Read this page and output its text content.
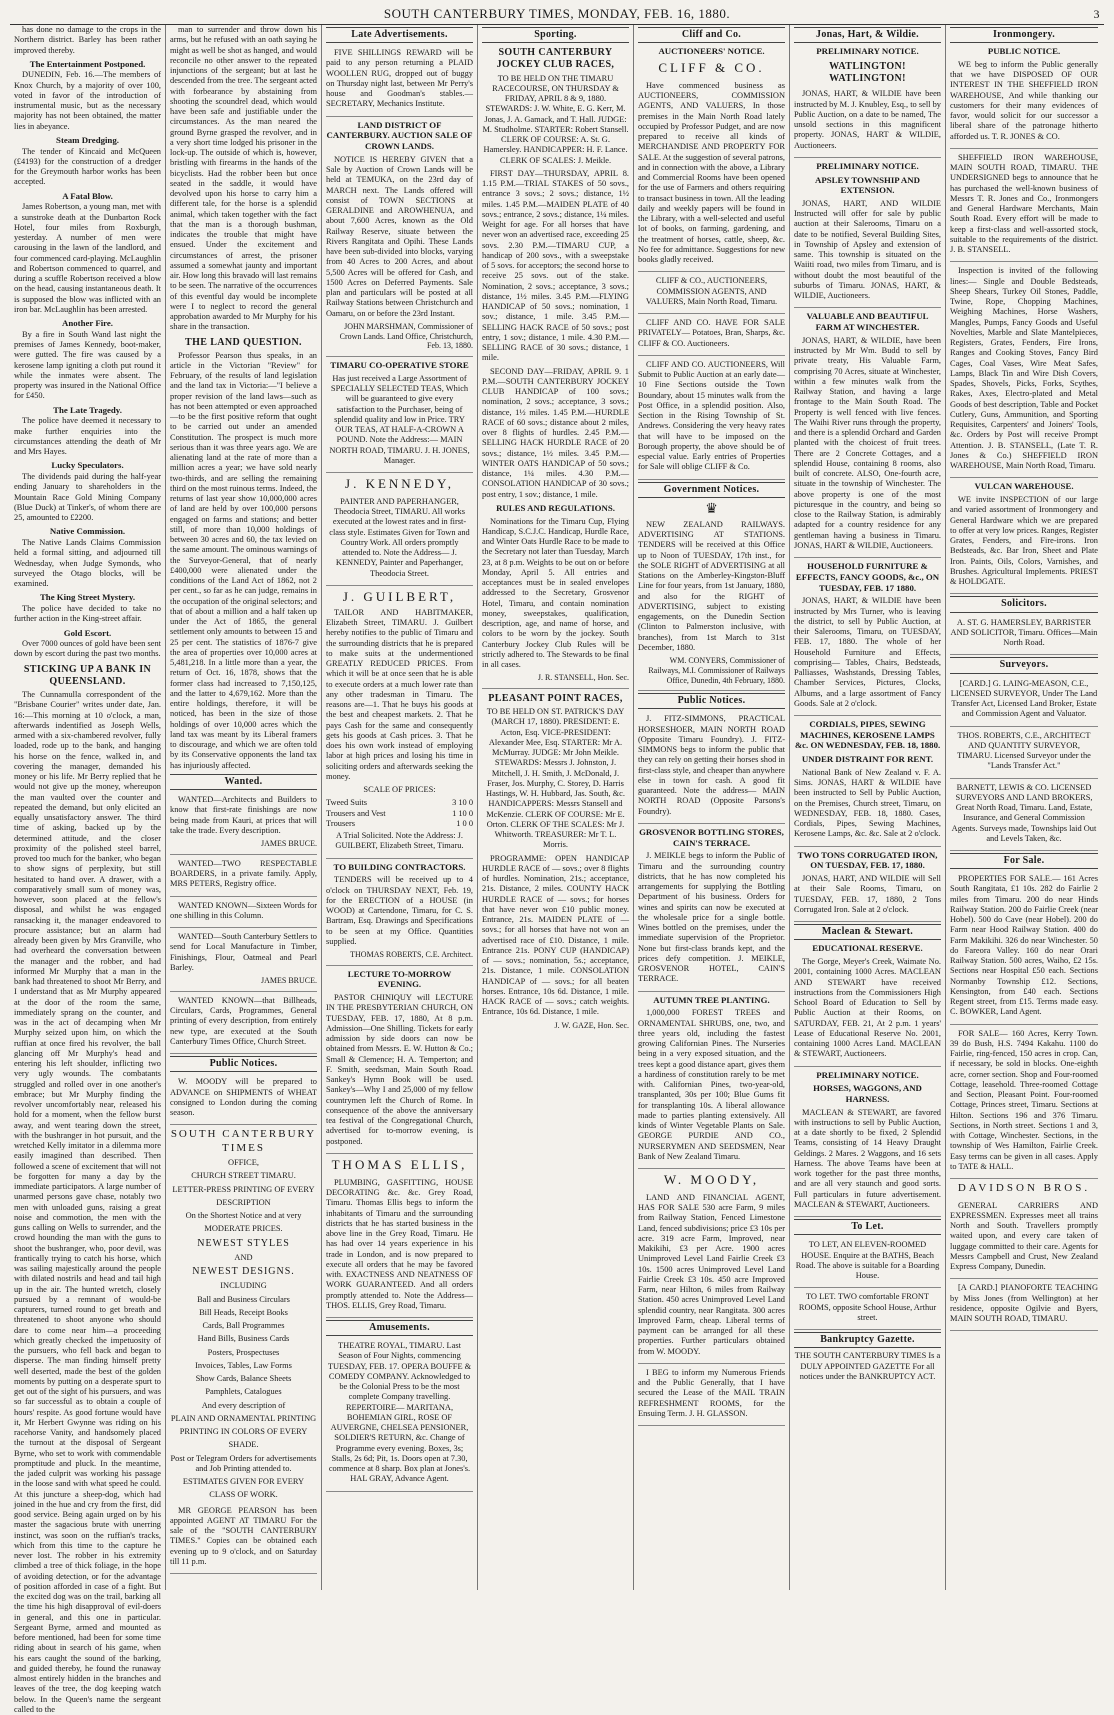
SOUTH CANTERBURY TIMES, MONDAY, FEB. 16, 1880.	3

has done no damage to the crops in the Northern district. Barley has been rather improved thereby.

The Entertainment Postponed.

DUNEDIN, Feb. 16.—The members of Knox Church, by a majority of over 100, voted in favor of the introduction of instrumental music, but as the necessary majority has not been obtained, the matter lies in abeyance.

Steam Dredging.

The tender of Kincaid and McQueen (£4193) for the construction of a dredger for the Greymouth harbor works has been accepted.

A Fatal Blow.

James Robertson, a young man, met with a sunstroke death at the Dunbarton Rock Hotel, four miles from Roxburgh, yesterday. A number of men were carousing in the lawn of the landlord, and four commenced card-playing. McLaughlin and Robertson commenced to quarrel, and during a scuffle Robertson received a blow on the head, causing instantaneous death. It is supposed the blow was inflicted with an iron bar. McLaughlin has been arrested.

Another Fire.

By a fire in South Wand last night the premises of James Kennedy, boot-maker, were gutted. The fire was caused by a kerosene lamp igniting a cloth put round it while the inmates were absent. The property was insured in the National Office for £450.

The Late Tragedy.

The police have deemed it necessary to make further enquiries into the circumstances attending the death of Mr and Mrs Hayes.

Lucky Speculators.

The dividends paid during the half-year ending January to shareholders in the Mountain Race Gold Mining Company (Blue Duck) at Tinker's, of whom there are 25, amounted to £2200.

Native Commission.

The Native Lands Claims Commission held a formal sitting, and adjourned till Wednesday, when Judge Symonds, who surveyed the Otago blocks, will be examined.

The King Street Mystery.

The police have decided to take no further action in the King-street affair.

Gold Escort.

Over 7000 ounces of gold have been sent down by escort during the past two months.

STICKING UP A BANK IN QUEENSLAND.

The Cunnamulla correspondent of the "Brisbane Courier" writes under date, Jan. 16:—This morning at 10 o'clock, a man, afterwards indentified as Joseph Wells, armed with a six-chambered revolver, fully loaded, rode up to the bank, and hanging his horse on the fence, walked in, and covering the manager, demanded his money or his life. Mr Berry replied that he would not give up the money, whereupon the man vaulted over the counter and repeated the demand, but only elicited an equally unsatisfactory answer. The third time of asking, backed up by the determined attitude, and the closer proximity of the polished steel barrel, proved too much for the banker, who began to show signs of perplexity, but still hesitated to hand over. A drawer, with a comparatively small sum of money was, however, soon placed at the fellow's disposal, and whilst he was engaged ransacking it, the manager endeavored to procure assistance; but an alarm had already been given by Mrs Granville, who had overheard the conversation between the manager and the robber, and had informed Mr Murphy that a man in the bank had threatened to shoot Mr Berry, and I understand that as Mr Murphy appeared at the door of the room the same, immediately sprang on the counter, and was in the act of decamping when Mr Murphy seized upon him, on which the ruffian at once fired his revolver, the ball glancing off Mr Murphy's head and entering his left shoulder, inflicting two very ugly wounds. The combatants struggled and rolled over in one another's embrace; but Mr Murphy finding the revolver uncomfortably near, released his hold for a moment, when the fellow burst away, and went tearing down the street, with the bushranger in hot pursuit, and the wretched Kelly imitator in a dilemma more easily imagined than described. Then followed a scene of excitement that will not be forgotten for many a day by the immediate participators. A large number of unarmed persons gave chase, notably two men with unloaded guns, raising a great noise and commotion, the men with the guns calling on Wells to surrender, and the crowd hounding the man with the guns to shoot the bushranger, who, poor devil, was frantically trying to catch his horse, which was sailing majestically around the people with dilated nostrils and head and tail high up in the air. The hunted wretch, closely pursued by a remnant of would-be capturers, turned round to get breath and threatened to shoot anyone who should dare to come near him—a proceeding which greatly checked the impetuosity of the pursuers, who fell back and began to disperse. The man finding himself pretty well deserted, made the best of the golden moments by putting on a desperate spurt to get out of the sight of his pursuers, and was so far successful as to obtain a couple of hours' respite. As good fortune would have it, Mr Herbert Gwynne was riding on his racehorse Vanity, and handsomely placed the turnout at the disposal of Sergeant Byrne, who set to work with commendable promptitude and pluck. In the meantime, the jaded culprit was working his passage in the loose sand with what speed he could. At this juncture a sheep-dog, which had joined in the hue and cry from the first, did good service. Being again urged on by his master the sagacious brute with unerring instinct, was soon on the ruffian's tracks, which from this time to the capture he never lost. The robber in his extremity climbed a tree of thick foliage, in the hope of avoiding detection, or for the advantage of position afforded in case of a fight. But the excited dog was on the trail, barking all the time his high disapproval of evil-doers in general, and this one in particular. Sergeant Byrne, armed and mounted as before mentioned, had been for some time riding about in search of his game, when his ears caught the sound of the barking, and guided thereby, he found the runaway almost entirely hidden in the branches and leaves of the tree, the dog keeping watch below. In the Queen's name the sergeant called to the

man to surrender and throw down his arms, but he refused with an oath saying he might as well be shot as hanged, and would reconcile no other answer to the repeated injunctions of the sergeant; but at last he descended from the tree. The sergeant acted with forbearance by abstaining from shooting the scoundrel dead, which would have been safe and justifiable under the circumstances. As the man neared the ground Byrne grasped the revolver, and in a very short time lodged his prisoner in the lock-up. The outside of which is, however, bristling with firearms in the hands of the bicyclists. Had the robber been but once seated in the saddle, it would have devolved upon his horse to carry him a different tale, for the horse is a splendid animal, which taken together with the fact that the man is a thorough bushman, indicates the trouble that might have ensued. Under the excitement and circumstances of arrest, the prisoner assumed a somewhat jaunty and important air. How long this bravado will last remains to be seen. The narrative of the occurrences of this eventful day would be incomplete were I to neglect to record the general approbation awarded to Mr Murphy for his share in the transaction.

THE LAND QUESTION.

Professor Pearson thus speaks, in an article in the Victorian "Review" for February, of the results of land legislation and the land tax in Victoria:—"I believe a proper revision of the land laws—such as has not been attempted or even approached—to be the first positive reform that ought to be carried out under an amended Constitution. The prospect is much more serious than it was three years ago. We are alienating land at the rate of more than a million acres a year; we have sold nearly two-thirds, and are selling the remaining third on the most ruinous terms. Indeed, the returns of last year show 10,000,000 acres of land are held by over 100,000 persons engaged on farms and stations; and better still, of more than 10,000 holdings of between 30 acres and 60, the tax levied on the same amount. The ominous warnings of the Surveyor-General, that of nearly £400,000 were alienated under the conditions of the Land Act of 1862, not 2 per cent., so far as he can judge, remains in the occupation of the original selectors; and that of about a million and a half taken up under the Act of 1865, the general settlement only amounts to between 15 and 25 per cent. The statistics of 1876-7 give the area of properties over 10,000 acres at 5,481,218. In a little more than a year, the return of Oct. 16, 1878, shows that the former class had increased to 7,150,125, and the latter to 4,679,162. More than the entire holdings, therefore, it will be noticed, has been in the size of those holdings of over 10,000 acres which the land tax was meant by its Liberal framers to discourage, and which we are often told by its Conservative opponents the land tax has injuriously affected.

Wanted.

WANTED—Architects and Builders to know that first-rate finishings are now being made from Kauri, at prices that will take the trade. Every description.

JAMES BRUCE.

WANTED—TWO RESPECTABLE BOARDERS, in a private family. Apply, MRS PETERS, Registry office.

WANTED KNOWN—Sixteen Words for one shilling in this Column.

WANTED—South Canterbury Settlers to send for Local Manufacture in Timber, Finishings, Flour, Oatmeal and Pearl Barley.

JAMES BRUCE.

WANTED KNOWN—that Billheads, Circulars, Cards, Programmes, General printing of every description, from entirely new type, are executed at the South Canterbury Times Office, Church Street.

Public Notices.

W. MOODY will be prepared to ADVANCE on SHIPMENTS of WHEAT consigned to London during the coming season.

SOUTH CANTERBURY TIMES

OFFICE,

CHURCH STREET TIMARU.

LETTER-PRESS PRINTING OF EVERY

DESCRIPTION

On the Shortest Notice and at very

MODERATE PRICES.

NEWEST STYLES

AND

NEWEST DESIGNS.

INCLUDING

Ball and Business Circulars

Bill Heads, Receipt Books

Cards, Ball Programmes

Hand Bills, Business Cards

Posters, Prospectuses

Invoices, Tables, Law Forms

Show Cards, Balance Sheets

Pamphlets, Catalogues

And every description of

PLAIN AND ORNAMENTAL PRINTING

PRINTING IN COLORS OF EVERY

SHADE.

Post or Telegram Orders for advertisements and Job Printing attended to.

ESTIMATES GIVEN FOR EVERY

CLASS OF WORK.

MR GEORGE PEARSON has been appointed AGENT AT TIMARU For the sale of the "SOUTH CANTERBURY TIMES." Copies can be obtained each evening up to 9 o'clock, and on Saturday till 11 p.m.

Late Advertisements.

FIVE SHILLINGS REWARD will be paid to any person returning a PLAID WOOLLEN RUG, dropped out of buggy on Thursday night last, between Mr Perry's house and Goodman's stables.—SECRETARY, Mechanics Institute.

LAND DISTRICT OF CANTERBURY. AUCTION SALE OF CROWN LANDS.

NOTICE IS HEREBY GIVEN that a Sale by Auction of Crown Lands will be held at TEMUKA, on the 23rd day of MARCH next. The Lands offered will consist of TOWN SECTIONS at GERALDINE and AROWHENUA, and about 7,600 Acres, known as the Old Railway Reserve, situate between the Rivers Rangitata and Opihi. These Lands have been sub-divided into blocks, varying from 40 Acres to 200 Acres, and about 5,500 Acres will be offered for Cash, and 1500 Acres on Deferred Payments. Sale plan and particulars will be posted at all Railway Stations between Christchurch and Oamaru, on or before the 23rd Instant.

JOHN MARSHMAN, Commissioner of Crown Lands. Land Office, Christchurch, Feb. 13, 1880.
TIMARU CO-OPERATIVE STORE

Has just received a Large Assortment of SPECIALLY SELECTED TEAS, Which will be guaranteed to give every satisfaction to the Purchaser, being of splendid quality and low in Price. TRY OUR TEAS, AT HALF-A-CROWN A POUND. Note the Address:— MAIN NORTH ROAD, TIMARU. J. H. JONES, Manager.

J. KENNEDY,

PAINTER AND PAPERHANGER, Theodocia Street, TIMARU. All works executed at the lowest rates and in first-class style. Estimates Given for Town and Country Work. All orders promptly attended to. Note the Address— J. KENNEDY, Painter and Paperhanger, Theodocia Street.

J. GUILBERT,

TAILOR AND HABITMAKER, Elizabeth Street, TIMARU. J. Guilbert hereby notifies to the public of Timaru and the surrounding districts that he is prepared to make suits at the undermentioned GREATLY REDUCED PRICES. From which it will be at once seen that he is able to execute orders at a much lower rate than any other tradesman in Timaru. The reasons are—1. That he buys his goods at the best and cheapest markets. 2. That he pays Cash for the same and consequently gets his goods at Cash prices. 3. That he does his own work instead of employing labor at high prices and losing his time in soliciting orders and afterwards seeking the money.

SCALE OF PRICES:

Tweed Suits	3 10 0
Trousers and Vest	1 10 0
Trousers	1 0 0

A Trial Solicited. Note the Address: J. GUILBERT, Elizabeth Street, Timaru.

TO BUILDING CONTRACTORS.

TENDERS will be received up to 4 o'clock on THURSDAY NEXT, Feb. 19, for the ERECTION of a HOUSE (in WOOD) at Cartendone, Timaru, for C. S. Bartram, Esq. Drawings and Specifications to be seen at my Office. Quantities supplied.

THOMAS ROBERTS, C.E. Architect.
LECTURE TO-MORROW EVENING.

PASTOR CHINIQUY will LECTURE IN THE PRESBYTERIAN CHURCH, ON TUESDAY, FEB. 17, 1880, At 8 p.m. Admission—One Shilling. Tickets for early admission by side doors can now be obtained from Messrs. E. W. Hutton & Co.; Small & Clemence; H. A. Temperton; and F. Smith, seedsman, Main South Road. Sankey's Hymn Book will be used. Sankey's—Why I and 25,000 of my fellow countrymen left the Church of Rome. In consequence of the above the anniversary tea festival of the Congregational Church, advertised for to-morrow evening, is postponed.

THOMAS ELLIS,

PLUMBING, GASFITTING, HOUSE DECORATING &c. &c. Grey Road, Timaru. Thomas Ellis begs to inform the inhabitants of Timaru and the surrounding districts that he has started business in the above line in the Grey Road, Timaru. He has had over 14 years experience in his trade in London, and is now prepared to execute all orders that he may be favored with. EXACTNESS AND NEATNESS OF WORK GUARANTEED. And all orders promptly attended to. Note the Address— THOS. ELLIS, Grey Road, Timaru.

Amusements.

THEATRE ROYAL, TIMARU. Last Season of Four Nights, commencing TUESDAY, FEB. 17. OPERA BOUFFE & COMEDY COMPANY. Acknowledged to be the Colonial Press to be the most complete Company travelling. REPERTOIRE— MARITANA, BOHEMIAN GIRL, ROSE OF AUVERGNE, CHELSEA PENSIONER, SOLDIER'S RETURN, &c. Change of Programme every evening. Boxes, 3s; Stalls, 2s 6d; Pit, 1s. Doors open at 7.30, commence at 8 sharp. Box plan at Jones's. HAL GRAY, Advance Agent.

Sporting.
SOUTH CANTERBURY JOCKEY CLUB RACES,

TO BE HELD ON THE TIMARU RACECOURSE, ON THURSDAY & FRIDAY, APRIL 8 & 9, 1880. STEWARDS: J. W. White, E. G. Kerr, M. Jonas, J. A. Gamack, and T. Hall. JUDGE: M. Studholme. STARTER: Robert Stansell. CLERK OF COURSE: A. St. G. Hamersley. HANDICAPPER: H. F. Lance. CLERK OF SCALES: J. Meikle.

FIRST DAY—THURSDAY, APRIL 8. 1.15 P.M.—TRIAL STAKES of 50 sovs., entrance 3 sovs.; 2 sovs.; distance, 1½ miles. 1.45 P.M.—MAIDEN PLATE of 40 sovs.; entrance, 2 sovs.; distance, 1¼ miles. Weight for age. For all horses that have never won an advertised race, exceeding 25 sovs. 2.30 P.M.—TIMARU CUP, a handicap of 200 sovs., with a sweepstake of 5 sovs. for acceptors; the second horse to receive 25 sovs. out of the stake. Nomination, 2 sovs.; acceptance, 3 sovs.; distance, 1½ miles. 3.45 P.M.—FLYING HANDICAP of 50 sovs.; nomination, 1 sov.; distance, 1 mile. 3.45 P.M.—SELLING HACK RACE of 50 sovs.; post entry, 1 sov.; distance, 1 mile. 4.30 P.M.—SELLING RACE of 30 sovs.; distance, 1 mile.

SECOND DAY—FRIDAY, APRIL 9. 1 P.M.—SOUTH CANTERBURY JOCKEY CLUB HANDICAP of 100 sovs.; nomination, 2 sovs.; acceptance, 3 sovs.; distance, 1½ miles. 1.45 P.M.—HURDLE RACE of 60 sovs.; distance about 2 miles, over 8 flights of hurdles. 2.45 P.M.—SELLING HACK HURDLE RACE of 20 sovs.; distance, 1½ miles. 3.45 P.M.—WINTER OATS HANDICAP of 50 sovs.; distance, 1¼ miles. 4.30 P.M.—CONSOLATION HANDICAP of 30 sovs.; post entry, 1 sov.; distance, 1 mile.

RULES AND REGULATIONS.

Nominations for the Timaru Cup, Flying Handicap, S.C.J.C. Handicap, Hurdle Race, and Winter Oats Hurdle Race to be made to the Secretary not later than Tuesday, March 23, at 8 p.m. Weights to be out on or before Monday, April 5. All entries and acceptances must be in sealed envelopes addressed to the Secretary, Grosvenor Hotel, Timaru, and contain nomination money, sweepstakes, qualification, description, age, and name of horse, and colors to be worn by the jockey. South Canterbury Jockey Club Rules will be strictly adhered to. The Stewards to be final in all cases.

J. R. STANSELL, Hon. Sec.
PLEASANT POINT RACES,

TO BE HELD ON ST. PATRICK'S DAY (MARCH 17, 1880). PRESIDENT: E. Acton, Esq. VICE-PRESIDENT: Alexander Mee, Esq. STARTER: Mr A. McMurray. JUDGE: Mr John Meikle. STEWARDS: Messrs J. Johnston, J. Mitchell, J. H. Smith, J. McDonald, J. Fraser, Jos. Murphy, C. Storey, D. Harris Hastings, W. H. Hubbard, Jas. South, &c. HANDICAPPERS: Messrs Stansell and McKenzie. CLERK OF COURSE: Mr E. Orton. CLERK OF THE SCALES: Mr J. Whitworth. TREASURER: Mr T. L. Morris.

PROGRAMME: OPEN HANDICAP HURDLE RACE of — sovs.; over 8 flights of hurdles. Nomination, 21s.; acceptance, 21s. Distance, 2 miles. COUNTY HACK HURDLE RACE of — sovs.; for horses that have never won £10 public money. Entrance, 21s. MAIDEN PLATE of — sovs.; for all horses that have not won an advertised race of £10. Distance, 1 mile. Entrance 21s. PONY CUP (HANDICAP) of — sovs.; nomination, 5s.; acceptance, 21s. Distance, 1 mile. CONSOLATION HANDICAP of — sovs.; for all beaten horses. Entrance, 10s 6d. Distance, 1 mile. HACK RACE of — sovs.; catch weights. Entrance, 10s 6d. Distance, 1 mile.

J. W. GAZE, Hon. Sec.
Cliff and Co.
AUCTIONEERS' NOTICE.
CLIFF & CO.

Have commenced business as AUCTIONEERS, COMMISSION AGENTS, AND VALUERS, In those premises in the Main North Road lately occupied by Professor Pudget, and are now prepared to receive all kinds of MERCHANDISE AND PROPERTY FOR SALE. At the suggestion of several patrons, and in connection with the above, a Library and Commercial Rooms have been opened for the use of Farmers and others requiring to transact business in town. All the leading daily and weekly papers will be found in the Library, with a well-selected and useful lot of books, on farming, gardening, and the treatment of horses, cattle, sheep, &c. No fee for admittance. Suggestions for new books gladly received.

CLIFF & CO., AUCTIONEERS, COMMISSION AGENTS, AND VALUERS, Main North Road, Timaru.

CLIFF AND CO. HAVE FOR SALE PRIVATELY— Potatoes, Bran, Sharps, &c. CLIFF & CO. Auctioneers.

CLIFF AND CO. AUCTIONEERS, Will Submit to Public Auction at an early date— 10 Fine Sections outside the Town Boundary, about 15 minutes walk from the Post Office, in a splendid position. Also, Section in the Rising Township of St. Andrews. Considering the very heavy rates that will have to be imposed on the Borough property, the above should be of especial value. Early entries of Properties for Sale will oblige CLIFF & Co.

Government Notices.
♛

NEW ZEALAND RAILWAYS. ADVERTISING AT STATIONS. TENDERS will be received at this Office up to Noon of TUESDAY, 17th inst., for the SOLE RIGHT of ADVERTISING at all Stations on the Amberley-Kingston-Bluff Line for four years, from 1st January, 1880, and also for the RIGHT of ADVERTISING, subject to existing engagements, on the Dunedin Section (Clinton to Palmerston inclusive, with branches), from 1st March to 31st December, 1880.

WM. CONYERS, Commissioner of Railways, M.I. Commissioner of Railways Office, Dunedin, 4th February, 1880.
Public Notices.

J. FITZ-SIMMONS, PRACTICAL HORSESHOER, MAIN NORTH ROAD (Opposite Timaru Foundry). J. FITZ-SIMMONS begs to inform the public that they can rely on getting their horses shod in first-class style, and cheaper than anywhere else in town for cash. A good fit guaranteed. Note the address— MAIN NORTH ROAD (Opposite Parsons's Foundry).

GROSVENOR BOTTLING STORES, CAIN'S TERRACE.

J. MEIKLE begs to inform the Public of Timaru and the surrounding country districts, that he has now completed his arrangements for supplying the Bottling Department of his business. Orders for wines and spirits can now be executed at the wholesale price for a single bottle. Wines bottled on the premises, under the immediate supervision of the Proprietor. None but first-class brands kept, and the prices defy competition. J. MEIKLE, GROSVENOR HOTEL, CAIN'S TERRACE.

AUTUMN TREE PLANTING.

1,000,000 FOREST TREES and ORNAMENTAL SHRUBS, one, two, and three years old, including the fastest growing Californian Pines. The Nurseries being in a very exposed situation, and the trees kept a good distance apart, gives them a hardiness of constitution rarely to be met with. Californian Pines, two-year-old, transplanted, 30s per 100; Blue Gums fit for transplanting 10s. A liberal allowance made to parties planting extensively. All kinds of Winter Vegetable Plants on Sale. GEORGE PURDIE AND CO., NURSERYMEN AND SEEDSMEN, Near Bank of New Zealand Timaru.

W. MOODY,

LAND AND FINANCIAL AGENT, HAS FOR SALE 530 acre Farm, 9 miles from Railway Station, Fenced Limestone Land, fenced subdivisions; price £3 10s per acre. 319 acre Farm, Improved, near Makikihi, £3 per Acre. 1900 acres Unimproved Level Land Fairlie Creek £3 10s. 1500 acres Unimproved Level Land Fairlie Creek £3 10s. 450 acre Improved Farm, near Hilton, 6 miles from Railway Station. 450 acres Unimproved Level Land splendid country, near Rangitata. 300 acres Improved Farm, cheap. Liberal terms of payment can be arranged for all these properties. Further particulars obtained from W. MOODY.

I BEG to inform my Numerous Friends and the Public Generally, that I have secured the Lease of the MAIL TRAIN REFRESHMENT ROOMS, for the Ensuing Term. J. H. GLASSON.

Jonas, Hart, & Wildie.
PRELIMINARY NOTICE.
WATLINGTON! WATLINGTON!

JONAS, HART, & WILDIE have been instructed by M. J. Knubley, Esq., to sell by Public Auction, on a date to be named, The unsold sections in this magnificent property. JONAS, HART & WILDIE, Auctioneers.

PRELIMINARY NOTICE.
APSLEY TOWNSHIP AND EXTENSION.

JONAS, HART, AND WILDIE Instructed will offer for sale by public auction at their Salerooms, Timaru on a date to be notified, Several Building Sites, in Township of Apsley and extension of same. This township is situated on the Waiiti road, two miles from Timaru, and is without doubt the most beautiful of the suburbs of Timaru. JONAS, HART, & WILDIE, Auctioneers.

VALUABLE AND BEAUTIFUL FARM AT WINCHESTER.

JONAS, HART, & WILDIE, have been instructed by Mr Wm. Budd to sell by private treaty, His Valuable Farm, comprising 70 Acres, situate at Winchester, within a few minutes walk from the Railway Station, and having a large frontage to the Main South Road. The Property is well fenced with live fences. The Waihi River runs through the property, and there is a splendid Orchard and Garden planted with the choicest of fruit trees. There are 2 Concrete Cottages, and a splendid House, containing 8 rooms, also built of concrete. ALSO, One-fourth acre, situate in the township of Winchester. The above property is one of the most picturesque in the country, and being so close to the Railway Station, is admirably adapted for a country residence for any gentleman having a business in Timaru. JONAS, HART & WILDIE, Auctioneers.

HOUSEHOLD FURNITURE & EFFECTS, FANCY GOODS, &c., ON TUESDAY, FEB. 17 1880.

JONAS, HART, & WILDIE have been instructed by Mrs Turner, who is leaving the district, to sell by Public Auction, at their Salerooms, Timaru, on TUESDAY, FEB. 17, 1880. The whole of her Household Furniture and Effects, comprising— Tables, Chairs, Bedsteads, Palliasses, Washstands, Dressing Tables, Chamber Services, Pictures, Clocks, Albums, and a large assortment of Fancy Goods. Sale at 2 o'clock.

CORDIALS, PIPES, SEWING MACHINES, KEROSENE LAMPS &c. ON WEDNESDAY, FEB. 18, 1880.
UNDER DISTRAINT FOR RENT.

National Bank of New Zealand v. F. A. Sims. JONAS, HART & WILDIE have been instructed to Sell by Public Auction, on the Premises, Church street, Timaru, on WEDNESDAY, FEB. 18, 1880. Cases, Cordials, Pipes, Sewing Machines, Kerosene Lamps, &c. &c. Sale at 2 o'clock.

TWO TONS CORRUGATED IRON, ON TUESDAY, FEB. 17, 1880.

JONAS, HART, AND WILDIE will Sell at their Sale Rooms, Timaru, on TUESDAY, FEB. 17, 1880, 2 Tons Corrugated Iron. Sale at 2 o'clock.

Maclean & Stewart.
EDUCATIONAL RESERVE.

The Gorge, Meyer's Creek, Waimate No. 2001, containing 1000 Acres. MACLEAN AND STEWART have received instructions from the Commissioners High School Board of Education to Sell by Public Auction at their Rooms, on SATURDAY, FEB. 21, At 2 p.m. 1 years' Lease of Educational Reserve No. 2001, containing 1000 Acres Land. MACLEAN & STEWART, Auctioneers.

PRELIMINARY NOTICE.
HORSES, WAGGONS, AND HARNESS.

MACLEAN & STEWART, are favored with instructions to sell by Public Auction, at a date shortly to be fixed, 2 Splendid Teams, consisting of 14 Heavy Draught Geldings. 2 Mares. 2 Waggons, and 16 sets Harness. The above Teams have been at work together for the past three months, and are all very staunch and good sorts. Full particulars in future advertisement. MACLEAN & STEWART, Auctioneers.

To Let.

TO LET, AN ELEVEN-ROOMED HOUSE. Enquire at the BATHS, Beach Road. The above is suitable for a Boarding House.

TO LET. TWO comfortable FRONT ROOMS, opposite School House, Arthur street.

Bankruptcy Gazette.

THE SOUTH CANTERBURY TIMES Is a DULY APPOINTED GAZETTE For all notices under the BANKRUPTCY ACT.

Ironmongery.
PUBLIC NOTICE.

WE beg to inform the Public generally that we have DISPOSED OF OUR INTEREST IN THE SHEFFIELD IRON WAREHOUSE, And while thanking our customers for their many evidences of favor, would solicit for our successor a liberal share of the patronage hitherto afforded us. T. R. JONES & CO.

SHEFFIELD IRON WAREHOUSE, MAIN SOUTH ROAD, TIMARU. THE UNDERSIGNED begs to announce that he has purchased the well-known business of Messrs T. R. Jones and Co., Ironmongers and General Hardware Merchants, Main South Road. Every effort will be made to keep a first-class and well-assorted stock, suitable to the requirements of the district. J. B. STANSELL.

Inspection is invited of the following lines:— Single and Double Bedsteads, Sheep Shears, Turkey Oil Stones, Paddle, Twine, Rope, Chopping Machines, Weighing Machines, Horse Washers, Mangles, Pumps, Fancy Goods and Useful Novelties, Marble and Slate Mantelpieces, Registers, Grates, Fenders, Fire Irons, Ranges and Cooking Stoves, Fancy Bird Cages, Coal Vases, Wire Meat Safes, Lamps, Black Tin and Wire Dish Covers, Spades, Shovels, Picks, Forks, Scythes, Rakes, Axes, Electro-plated and Metal Goods of best description, Table and Pocket Cutlery, Guns, Ammunition, and Sporting Requisites, Carpenters' and Joiners' Tools, &c. Orders by Post will receive Prompt Attention. J. B. STANSELL, (Late T. R. Jones & Co.) SHEFFIELD IRON WAREHOUSE, Main North Road, Timaru.

VULCAN WAREHOUSE.

WE invite INSPECTION of our large and varied assortment of Ironmongery and General Hardware which we are prepared to offer at very low prices. Ranges, Register Grates, Fenders, and Fire-irons. Iron Bedsteads, &c. Bar Iron, Sheet and Plate Iron. Paints, Oils, Colors, Varnishes, and Brushes. Agricultural Implements. PRIEST & HOLDGATE.

Solicitors.

A. ST. G. HAMERSLEY, BARRISTER AND SOLICITOR, Timaru. Offices—Main North Road.

Surveyors.

[CARD.] G. LAING-MEASON, C.E., LICENSED SURVEYOR, Under The Land Transfer Act, Licensed Land Broker, Estate and Commission Agent and Valuator.

THOS. ROBERTS, C.E., ARCHITECT AND QUANTITY SURVEYOR, TIMARU. Licensed Surveyor under the "Lands Transfer Act."

BARNETT, LEWIS & CO. LICENSED SURVEYORS AND LAND BROKERS, Great North Road, Timaru. Land, Estate, Insurance, and General Commission Agents. Surveys made, Townships laid Out and Levels Taken, &c.

For Sale.

PROPERTIES FOR SALE.— 161 Acres South Rangitata, £1 10s. 282 do Fairlie 2 miles from Timaru. 200 do near Hinds Railway Station. 200 do Fairlie Creek (near Hobel). 500 do Cave (near Hobel). 200 do Farm near Hood Railway Station. 400 do Farm Makikihi. 326 do near Winchester. 50 do Fareora Valley. 160 do near Orari Railway Station. 500 acres, Waiho, £2 15s. Sections near Hospital £50 each. Sections Normanby Township £12. Sections, Kensington, from £40 each. Sections Regent street, from £15. Terms made easy. C. BOWKER, Land Agent.

FOR SALE— 160 Acres, Kerry Town. 39 do Bush, H.S. 7494 Kakahu. 1100 do Fairlie, ring-fenced, 150 acres in crop. Can, if necessary, be sold in blocks. One-eighth acre, corner section. Shop and Four-roomed Cottage, leasehold. Three-roomed Cottage and Section, Pleasant Point. Four-roomed Cottage, Princes street, Timaru. Sections at Hilton. Sections 196 and 376 Timaru. Sections, in North street. Sections 1 and 3, with Cottage, Winchester. Sections, in the township of Wes Hamilton, Fairlie Creek. Easy terms can be given in all cases. Apply to TATE & HALL.

DAVIDSON BROS.

GENERAL CARRIERS AND EXPRESSMEN. Expresses meet all trains North and South. Travellers promptly waited upon, and every care taken of luggage committed to their care. Agents for Messrs Campbell and Crust, New Zealand Express Company, Dunedin.

[A CARD.] PIANOFORTE TEACHING by Miss Jones (from Wellington) at her residence, opposite Ogilvie and Byers, MAIN SOUTH ROAD, TIMARU.
